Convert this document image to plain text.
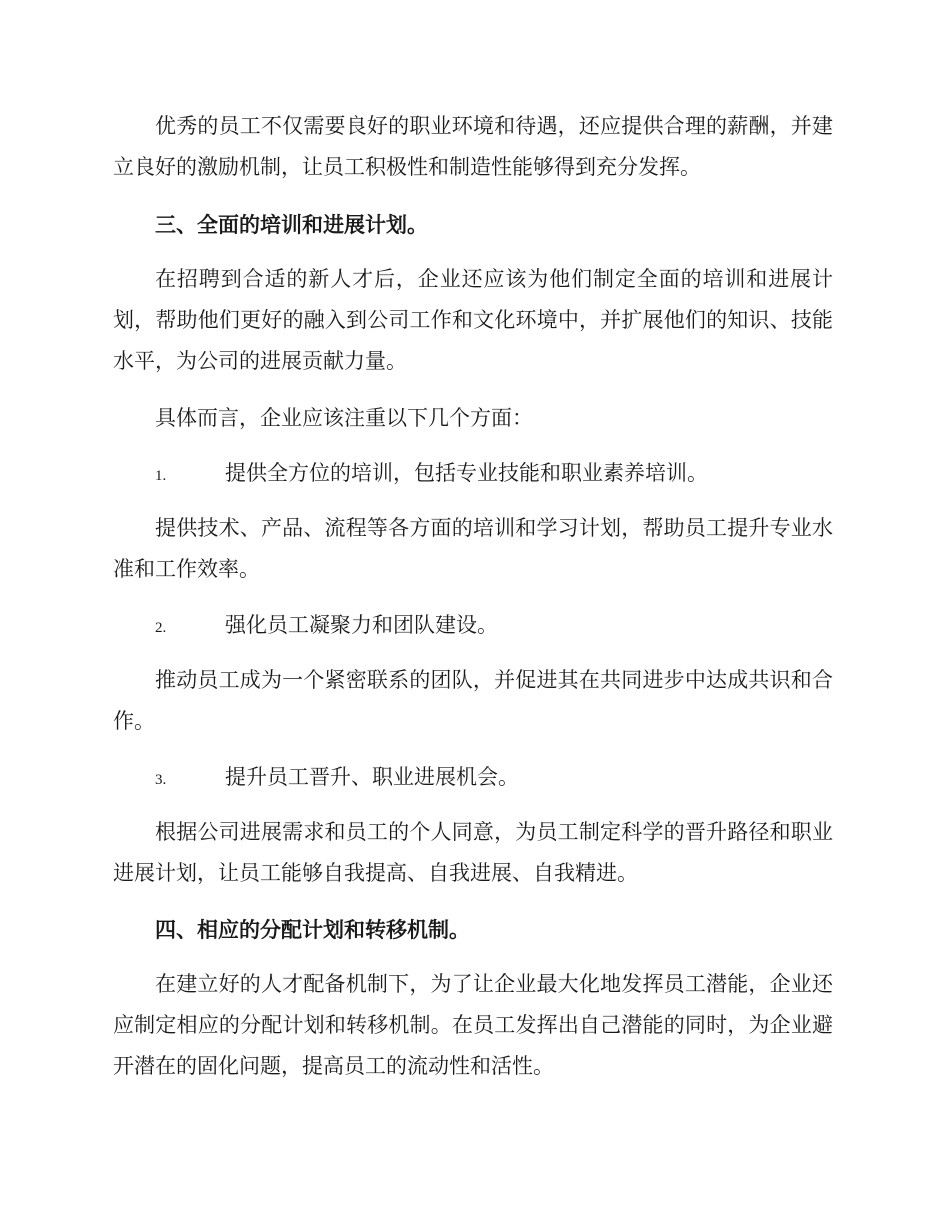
优秀的员工不仅需要良好的职业环境和待遇，还应提供合理的薪酬，并建立良好的激励机制，让员工积极性和制造性能够得到充分发挥。
三、全面的培训和进展计划。
在招聘到合适的新人才后，企业还应该为他们制定全面的培训和进展计划，帮助他们更好的融入到公司工作和文化环境中，并扩展他们的知识、技能水平，为公司的进展贡献力量。
具体而言，企业应该注重以下几个方面：
1.	提供全方位的培训，包括专业技能和职业素养培训。
提供技术、产品、流程等各方面的培训和学习计划，帮助员工提升专业水准和工作效率。
2.	强化员工凝聚力和团队建设。
推动员工成为一个紧密联系的团队，并促进其在共同进步中达成共识和合作。
3.	提升员工晋升、职业进展机会。
根据公司进展需求和员工的个人同意，为员工制定科学的晋升路径和职业进展计划，让员工能够自我提高、自我进展、自我精进。
四、相应的分配计划和转移机制。
在建立好的人才配备机制下，为了让企业最大化地发挥员工潜能，企业还应制定相应的分配计划和转移机制。在员工发挥出自己潜能的同时，为企业避开潜在的固化问题，提高员工的流动性和活性。
